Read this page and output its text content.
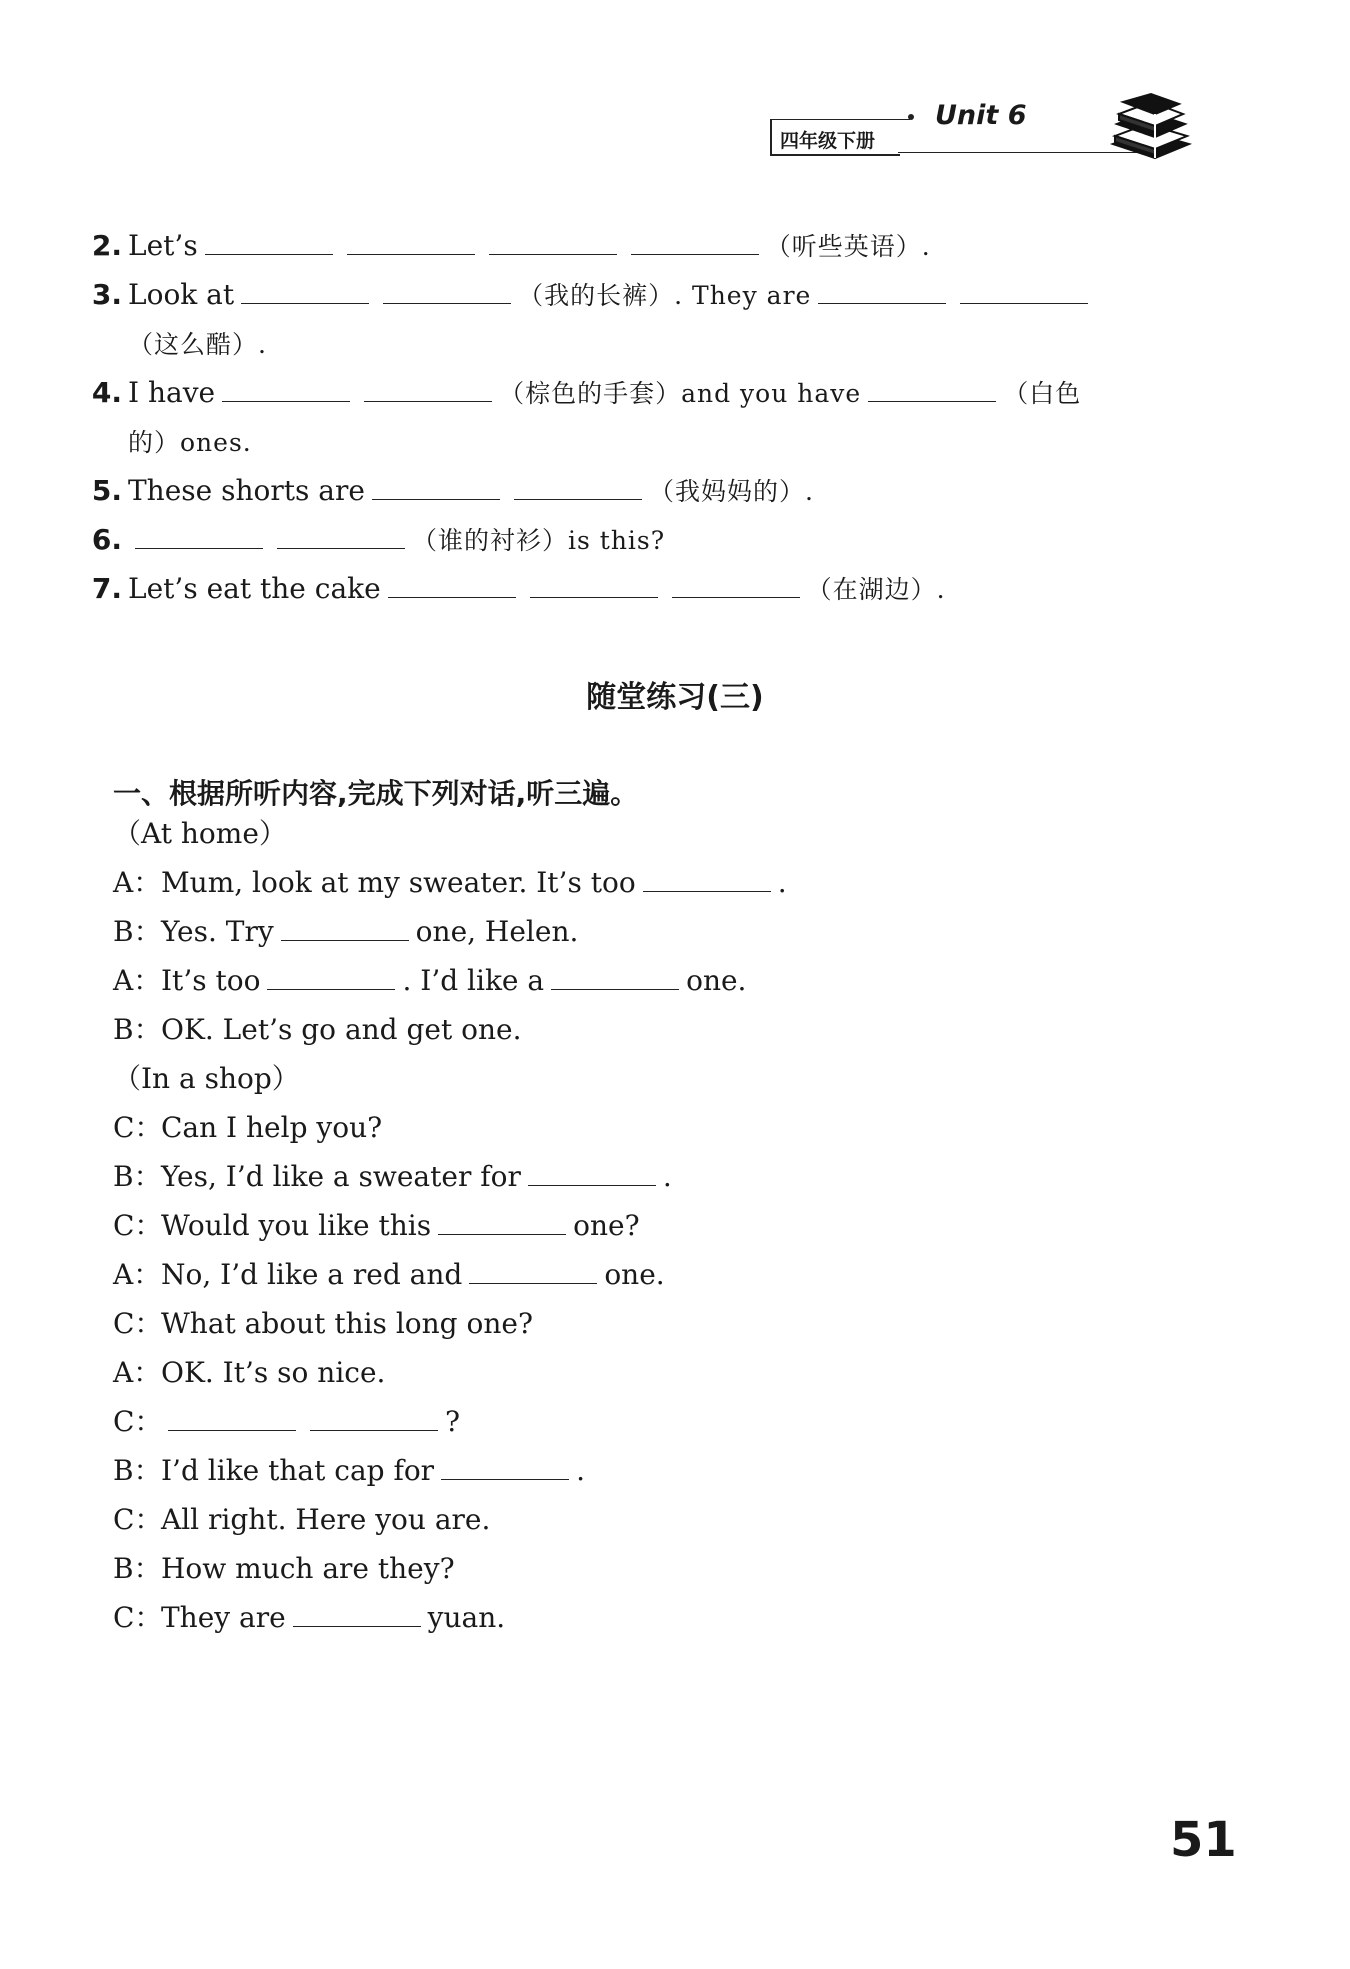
四年级下册
Unit 6
2. Let’s	（听些英语）.
3. Look at	（我的长裤）. They are
（这么酷）.
4. I have	（棕色的手套）and you have	（白色
的）ones.
5. These shorts are	（我妈妈的）.
6.	（谁的衬衫）is this?
7. Let’s eat the cake	（在湖边）.
随堂练习(三)
一、根据所听内容,完成下列对话,听三遍。
（At home）
A：Mum, look at my sweater. It’s too	.
B：Yes. Try	one, Helen.
A：It’s too	. I’d like a	one.
B：OK. Let’s go and get one.
（In a shop）
C：Can I help you?
B：Yes, I’d like a sweater for	.
C：Would you like this	one?
A：No, I’d like a red and	one.
C：What about this long one?
A：OK. It’s so nice.
C：	?
B：I’d like that cap for	.
C：All right. Here you are.
B：How much are they?
C：They are	yuan.
51
